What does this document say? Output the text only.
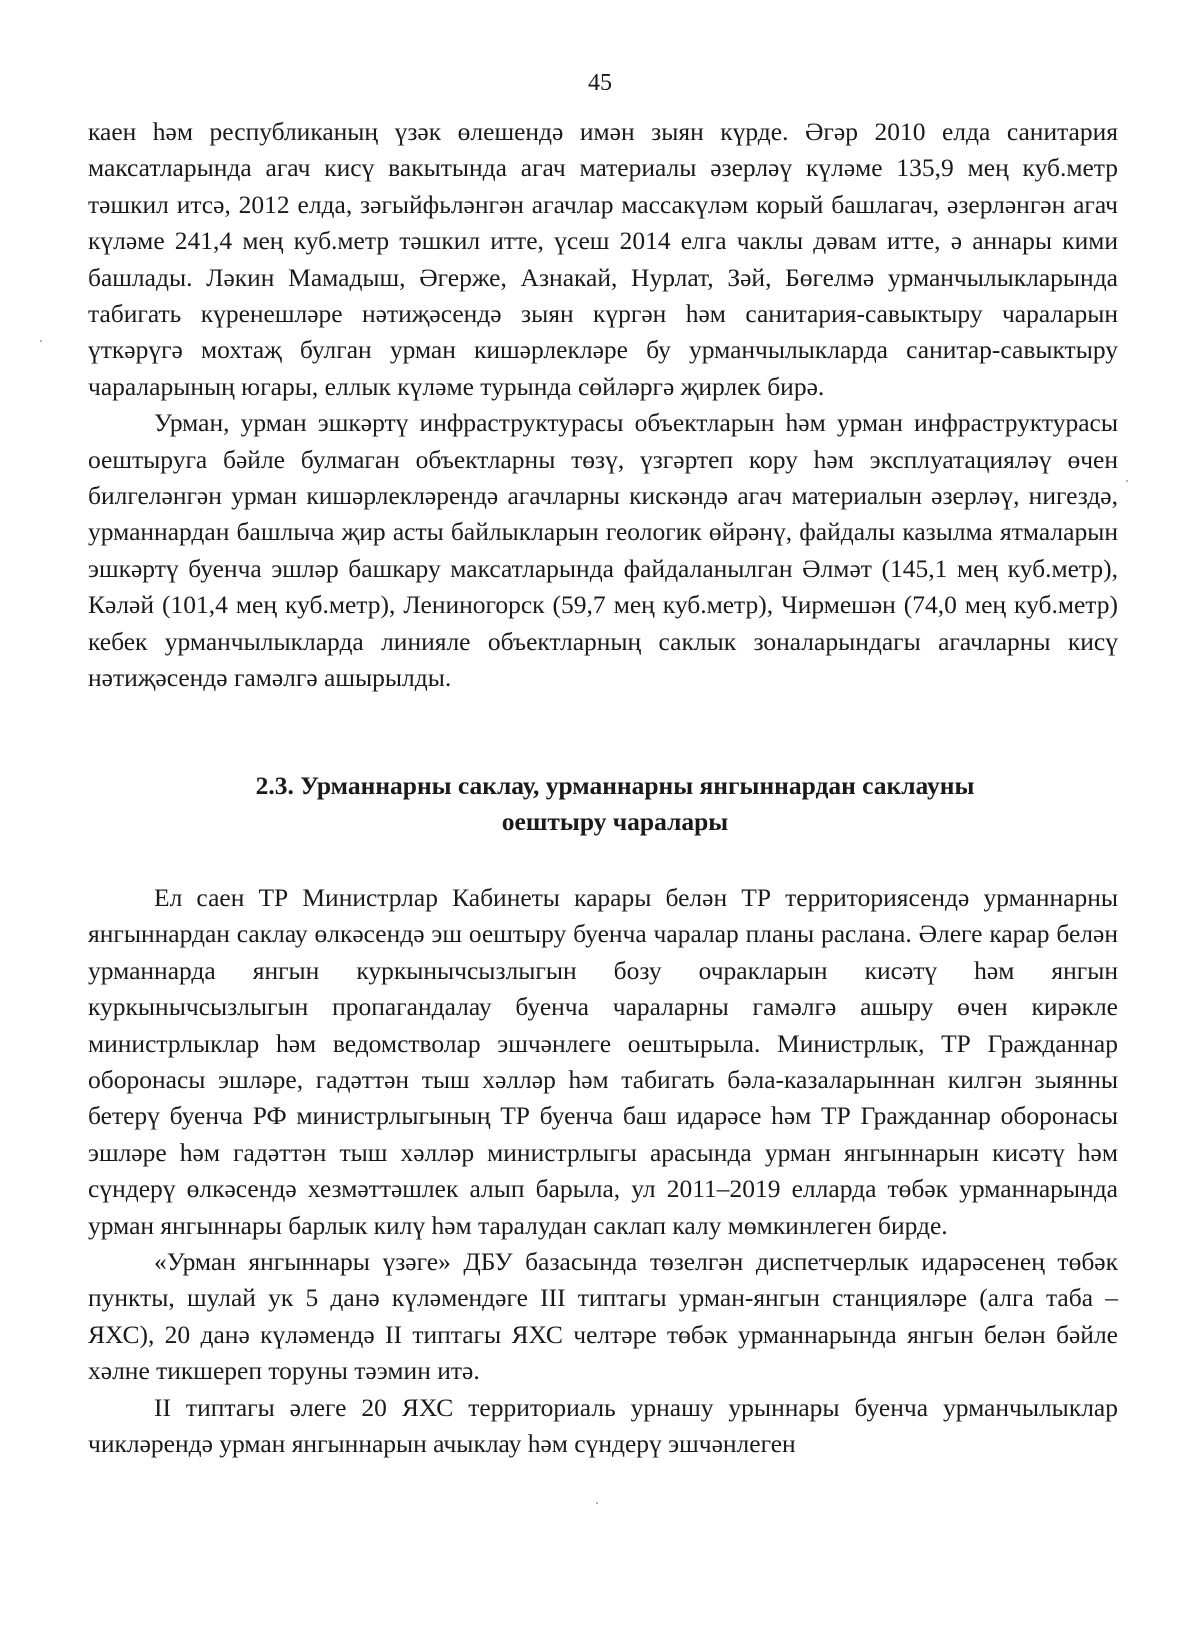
45

каен һәм республиканың үзәк өлешендә имән зыян күрде. Әгәр 2010 елда санитария максатларында агач кисү вакытында агач материалы әзерләү күләме 135,9 мең куб.метр тәшкил итсә, 2012 елда, зәгыйфьләнгән агачлар массакүләм корый башлагач, әзерләнгән агач күләме 241,4 мең куб.метр тәшкил итте, үсеш 2014 елга чаклы дәвам итте, ә аннары кими башлады. Ләкин Мамадыш, Әгерже, Азнакай, Нурлат, Зәй, Бөгелмә урманчылыкларында табигать күренешләре нәтиҗәсендә зыян күргән һәм санитария-савыктыру чараларын үткәрүгә мохтаҗ булган урман кишәрлекләре бу урманчылыкларда санитар-савыктыру чараларының югары, еллык күләме турында сөйләргә җирлек бирә.

Урман, урман эшкәртү инфраструктурасы объектларын һәм урман инфраструктурасы оештыруга бәйле булмаган объектларны төзү, үзгәртеп кору һәм эксплуатацияләү өчен билгеләнгән урман кишәрлекләрендә агачларны кискәндә агач материалын әзерләү, нигездә, урманнардан башлыча җир асты байлыкларын геологик өйрәнү, файдалы казылма ятмаларын эшкәртү буенча эшләр башкару максатларында файдаланылган Әлмәт (145,1 мең куб.метр), Кәләй (101,4 мең куб.метр), Лениногорск (59,7 мең куб.метр), Чирмешән (74,0 мең куб.метр) кебек урманчылыкларда линияле объектларның саклык зоналарындагы агачларны кисү нәтиҗәсендә гамәлгә ашырылды.

2.3. Урманнарны саклау, урманнарны янгыннардан саклауны
оештыру чаралары

Ел саен ТР Министрлар Кабинеты карары белән ТР территориясендә урманнарны янгыннардан саклау өлкәсендә эш оештыру буенча чаралар планы раслана. Әлеге карар белән урманнарда янгын куркынычсызлыгын бозу очракларын кисәтү һәм янгын куркынычсызлыгын пропагандалау буенча чараларны гамәлгә ашыру өчен кирәкле министрлыклар һәм ведомстволар эшчәнлеге оештырыла. Министрлык, ТР Гражданнар оборонасы эшләре, гадәттән тыш хәлләр һәм табигать бәла-казаларыннан килгән зыянны бетерү буенча РФ министрлыгының ТР буенча баш идарәсе һәм ТР Гражданнар оборонасы эшләре һәм гадәттән тыш хәлләр министрлыгы арасында урман янгыннарын кисәтү һәм сүндерү өлкәсендә хезмәттәшлек алып барыла, ул 2011–2019 елларда төбәк урманнарында урман янгыннары барлык килү һәм таралудан саклап калу мөмкинлеген бирде.

«Урман янгыннары үзәге» ДБУ базасында төзелгән диспетчерлык идарәсенең төбәк пункты, шулай ук 5 данә күләмендәге III типтагы урман-янгын станцияләре (алга таба – ЯХС), 20 данә күләмендә II типтагы ЯХС челтәре төбәк урманнарында янгын белән бәйле хәлне тикшереп торуны тәэмин итә.

II типтагы әлеге 20 ЯХС территориаль урнашу урыннары буенча урманчылыклар чикләрендә урман янгыннарын ачыклау һәм сүндерү эшчәнлеген
